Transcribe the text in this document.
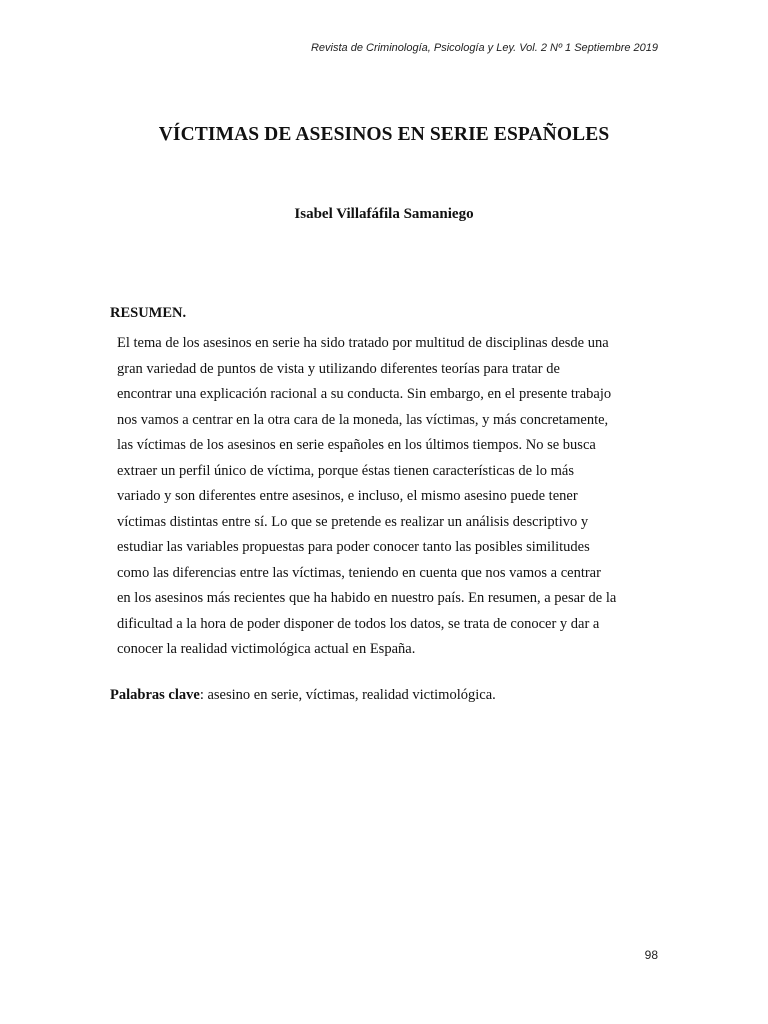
Revista de Criminología, Psicología y Ley. Vol. 2 Nº 1 Septiembre 2019
VÍCTIMAS DE ASESINOS EN SERIE ESPAÑOLES
Isabel Villafáfila Samaniego
RESUMEN.
El tema de los asesinos en serie ha sido tratado por multitud de disciplinas desde una
gran variedad de puntos de vista y utilizando diferentes teorías para tratar de
encontrar una explicación racional a su conducta. Sin embargo, en el presente trabajo
nos vamos a centrar en la otra cara de la moneda, las víctimas, y más concretamente,
las víctimas de los asesinos en serie españoles en los últimos tiempos. No se busca
extraer un perfil único de víctima, porque éstas tienen características de lo más
variado y son diferentes entre asesinos, e incluso, el mismo asesino puede tener
víctimas distintas entre sí. Lo que se pretende es realizar un análisis descriptivo y
estudiar las variables propuestas para poder conocer tanto las posibles similitudes
como las diferencias entre las víctimas, teniendo en cuenta que nos vamos a centrar
en los asesinos más recientes que ha habido en nuestro país. En resumen, a pesar de la
dificultad a la hora de poder disponer de todos los datos, se trata de conocer y dar a
conocer la realidad victimológica actual en España.
Palabras clave: asesino en serie, víctimas, realidad victimológica.
98
